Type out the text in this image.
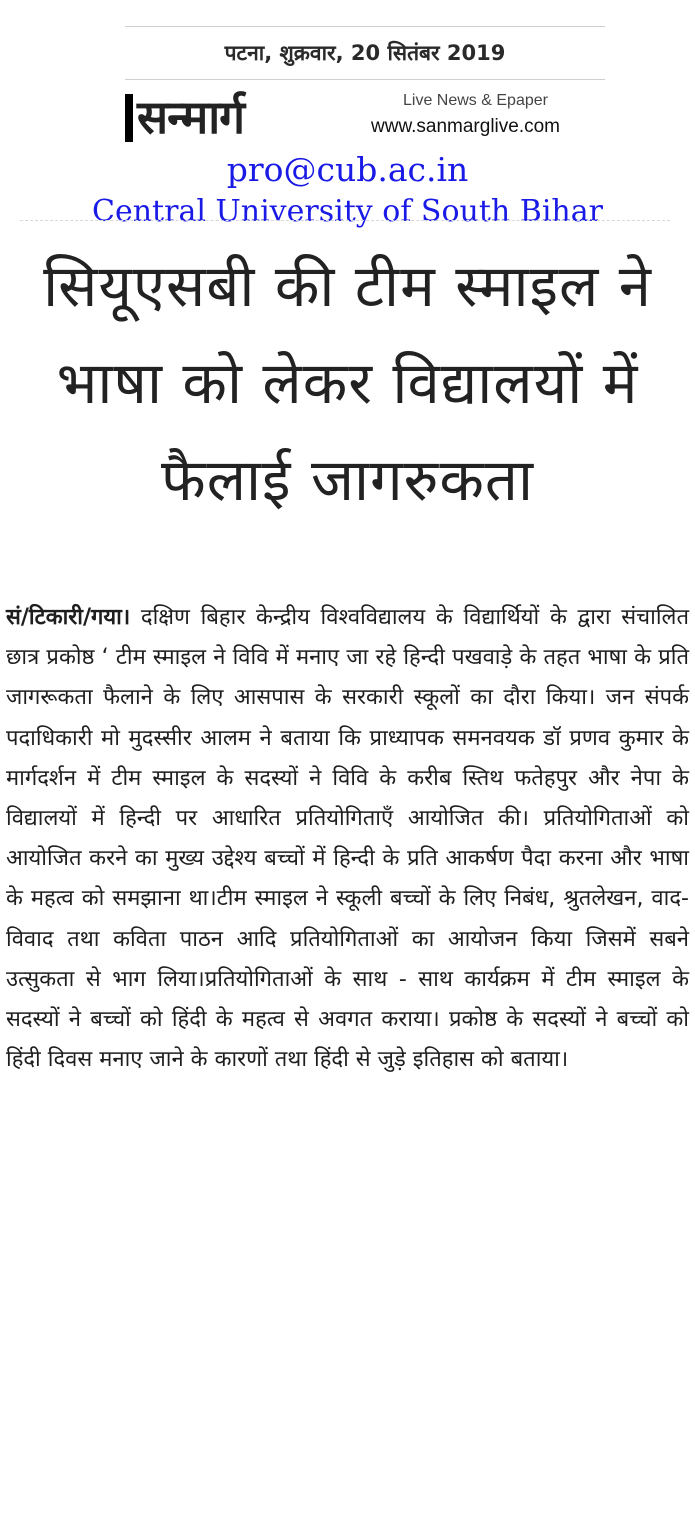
पटना, शुक्रवार, 20 सितंबर 2019
सन्मार्ग	Live News & Epaper
www.sanmarglive.com
pro@cub.ac.in
Central University of South Bihar
सियूएसबी की टीम स्माइल ने भाषा को लेकर विद्यालयों में फैलाई जागरुकता

सं/टिकारी/गया। दक्षिण बिहार केन्द्रीय विश्वविद्यालय के विद्यार्थियों के द्वारा संचालित छात्र प्रकोष्ठ ‘ टीम स्माइल ने विवि में मनाए जा रहे हिन्दी पखवाड़े के तहत भाषा के प्रति जागरूकता फैलाने के लिए आसपास के सरकारी स्कूलों का दौरा किया। जन संपर्क पदाधिकारी मो मुदस्सीर आलम ने बताया कि प्राध्यापक समनवयक डॉ प्रणव कुमार के मार्गदर्शन में टीम स्माइल के सदस्यों ने विवि के करीब स्तिथ फतेहपुर और नेपा के विद्यालयों में हिन्दी पर आधारित प्रतियोगिताएँ आयोजित की। प्रतियोगिताओं को आयोजित करने का मुख्य उद्देश्य बच्चों में हिन्दी के प्रति आकर्षण पैदा करना और भाषा के महत्व को समझाना था।टीम स्माइल ने स्कूली बच्चों के लिए निबंध, श्रुतलेखन, वाद-विवाद तथा कविता पाठन आदि प्रतियोगिताओं का आयोजन किया जिसमें सबने उत्सुकता से भाग लिया।प्रतियोगिताओं के साथ - साथ कार्यक्रम में टीम स्माइल के सदस्यों ने बच्चों को हिंदी के महत्व से अवगत कराया। प्रकोष्ठ के सदस्यों ने बच्चों को हिंदी दिवस मनाए जाने के कारणों तथा हिंदी से जुड़े इतिहास को बताया।
